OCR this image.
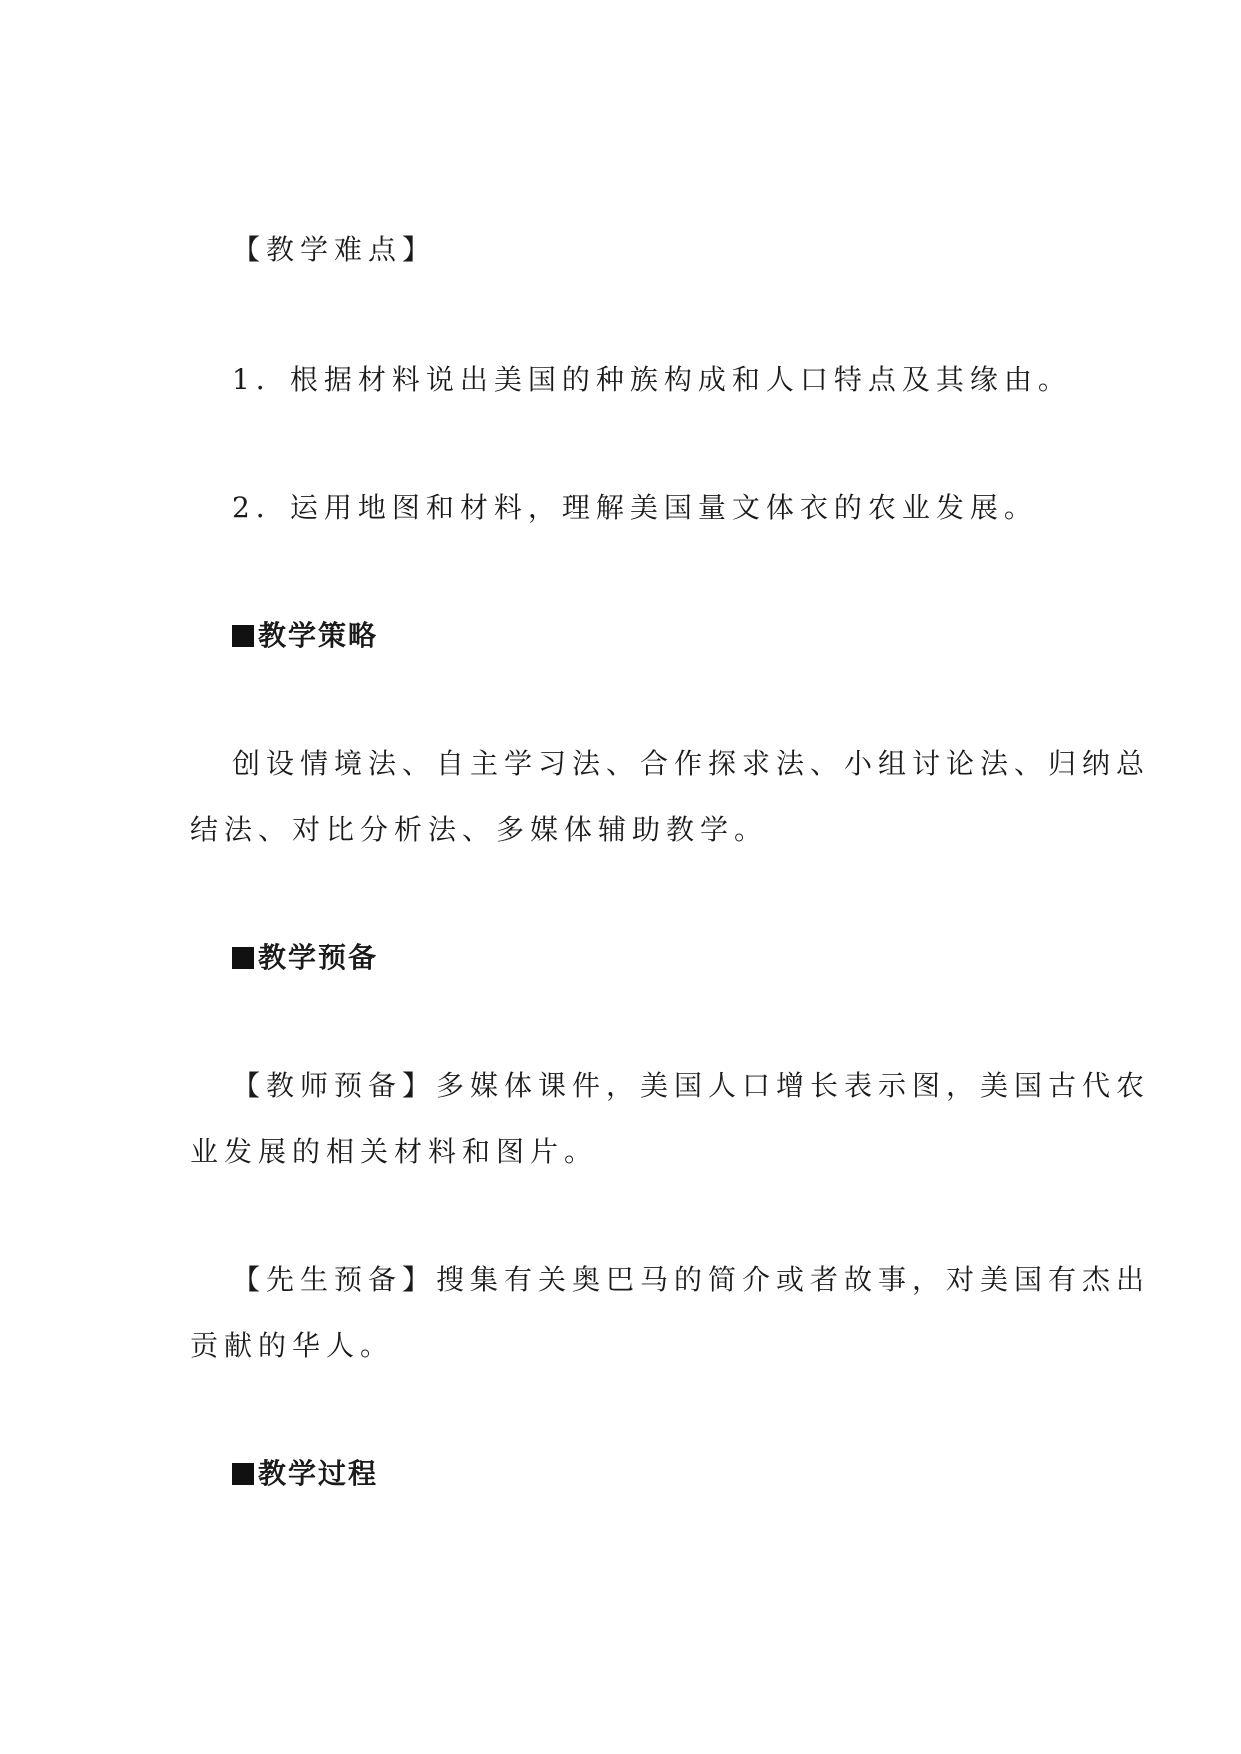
【教学难点】
1．根据材料说出美国的种族构成和人口特点及其缘由。
2．运用地图和材料，理解美国量文体衣的农业发展。
教学策略
创设情境法、自主学习法、合作探求法、小组讨论法、归纳总
结法、对比分析法、多媒体辅助教学。
教学预备
【教师预备】多媒体课件，美国人口增长表示图，美国古代农
业发展的相关材料和图片。
【先生预备】搜集有关奥巴马的简介或者故事，对美国有杰出
贡献的华人。
教学过程
